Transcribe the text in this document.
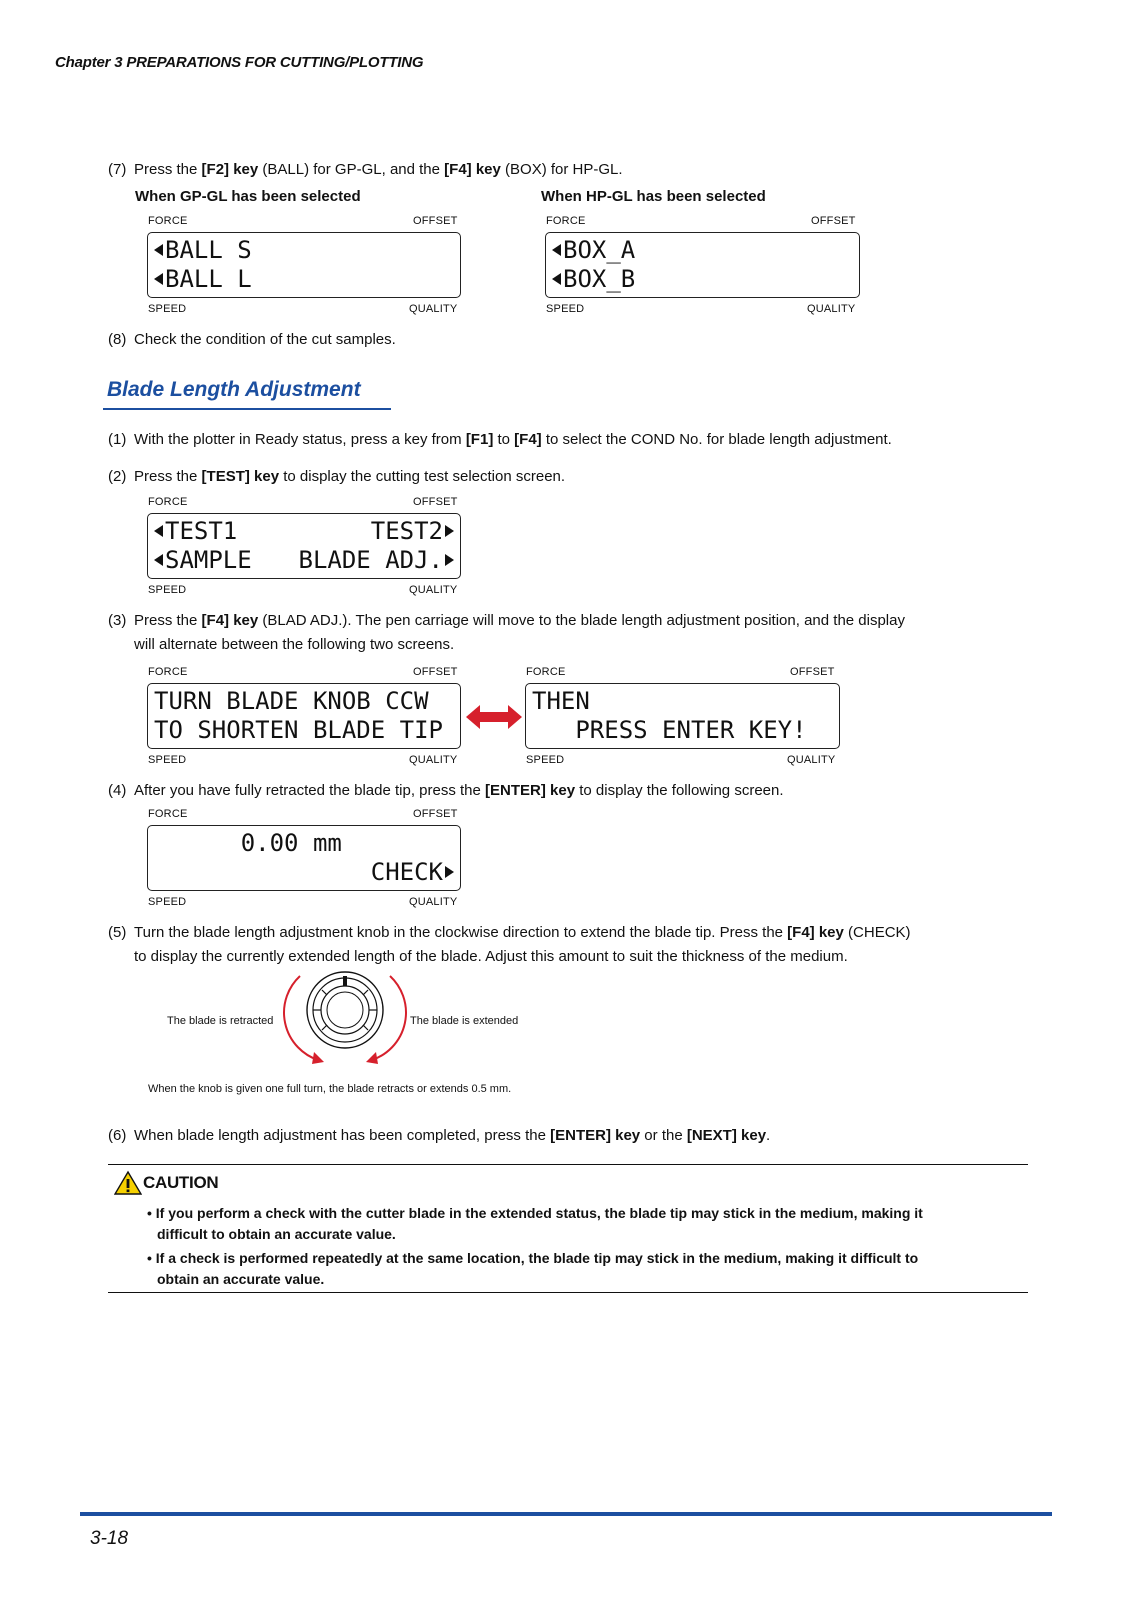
Chapter 3 PREPARATIONS FOR CUTTING/PLOTTING
(7) Press the [F2] key (BALL) for GP-GL, and the [F4] key (BOX) for HP-GL.
When GP-GL has been selected	When HP-GL has been selected
FORCE	OFFSET
BALL S
BALL L
SPEED	QUALITY
FORCE	OFFSET
BOX_A
BOX_B
SPEED	QUALITY
(8) Check the condition of the cut samples.
Blade Length Adjustment
(1) With the plotter in Ready status, press a key from [F1] to [F4] to select the COND No. for blade length adjustment.
(2) Press the [TEST] key to display the cutting test selection screen.
FORCE	OFFSET
TEST1	TEST2
SAMPLE BLADE ADJ.
SPEED	QUALITY
(3) Press the [F4] key (BLAD ADJ.). The pen carriage will move to the blade length adjustment position, and the display
will alternate between the following two screens.
FORCE	OFFSET
TURN BLADE KNOB CCW
TO SHORTEN BLADE TIP
SPEED	QUALITY
FORCE	OFFSET
THEN
PRESS ENTER KEY!
SPEED	QUALITY
(4) After you have fully retracted the blade tip, press the [ENTER] key to display the following screen.
FORCE	OFFSET
0.00 mm
CHECK
SPEED	QUALITY
(5) Turn the blade length adjustment knob in the clockwise direction to extend the blade tip. Press the [F4] key (CHECK)
to display the currently extended length of the blade. Adjust this amount to suit the thickness of the medium.
The blade is retracted	The blade is extended
When the knob is given one full turn, the blade retracts or extends 0.5 mm.
(6) When blade length adjustment has been completed, press the [ENTER] key or the [NEXT] key.
CAUTION
• If you perform a check with the cutter blade in the extended status, the blade tip may stick in the medium, making it
difficult to obtain an accurate value.
• If a check is performed repeatedly at the same location, the blade tip may stick in the medium, making it difficult to
obtain an accurate value.
3-18
